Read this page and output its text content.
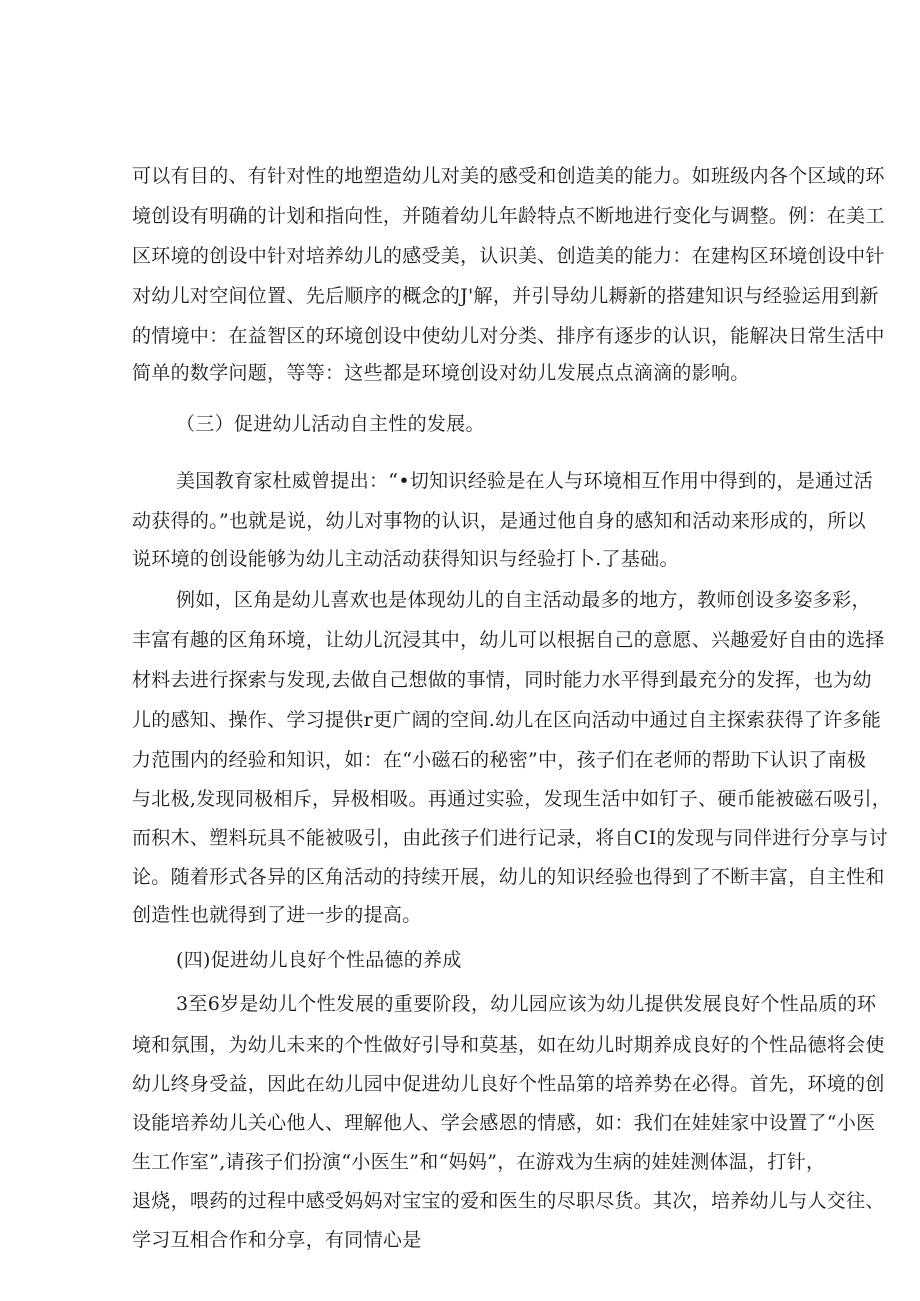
可以有目的、有针对性的地塑造幼儿对美的感受和创造美的能力。如班级内各个区域的环
境创设有明确的计划和指向性，并随着幼儿年龄特点不断地进行变化与调整。例：在美工
区环境的创设中针对培养幼儿的感受美，认识美、创造美的能力：在建构区环境创设中针
对幼儿对空间位置、先后顺序的概念的J'解，并引导幼儿耨新的搭建知识与经验运用到新
的情境中：在益智区的环境创设中使幼儿对分类、排序有逐步的认识，能解决日常生活中
简单的数学问题，等等：这些都是环境创设对幼儿发展点点滴滴的影响。
（三）促进幼儿活动自主性的发展。
美国教育家杜威曾提出：“•切知识经验是在人与环境相互作用中得到的，是通过活
动获得的。”也就是说，幼儿对事物的认识，是通过他自身的感知和活动来形成的，所以
说环境的创设能够为幼儿主动活动获得知识与经验打卜.了基础。
例如，区角是幼儿喜欢也是体现幼儿的自主活动最多的地方，教师创设多姿多彩，
丰富有趣的区角环境，让幼儿沉浸其中，幼儿可以根据自己的意愿、兴趣爱好自由的选择
材料去进行探索与发现,去做自己想做的事情，同时能力水平得到最充分的发挥，也为幼
儿的感知、操作、学习提供r更广阔的空间.幼儿在区向活动中通过自主探索获得了许多能
力范围内的经验和知识，如：在“小磁石的秘密”中，孩子们在老师的帮助下认识了南极
与北极,发现同极相斥，异极相吸。再通过实验，发现生活中如钉子、硬币能被磁石吸引，
而积木、塑料玩具不能被吸引，由此孩子们进行记录，将自CI的发现与同伴进行分享与讨
论。随着形式各异的区角活动的持续开展，幼儿的知识经验也得到了不断丰富，自主性和
创造性也就得到了进一步的提高。
(四)促进幼儿良好个性品德的养成
3至6岁是幼儿个性发展的重要阶段，幼儿园应该为幼儿提供发展良好个性品质的环
境和氛围，为幼儿未来的个性做好引导和莫基，如在幼儿时期养成良好的个性品德将会使
幼儿终身受益，因此在幼儿园中促进幼儿良好个性品第的培养势在必得。首先，环境的创
设能培养幼儿关心他人、理解他人、学会感恩的情感，如：我们在娃娃家中设置了“小医
生工作室”,请孩子们扮演“小医生”和“妈妈”，在游戏为生病的娃娃测体温，打针，
退烧，喂药的过程中感受妈妈对宝宝的爱和医生的尽职尽货。其次，培养幼儿与人交往、
学习互相合作和分享，有同情心是
